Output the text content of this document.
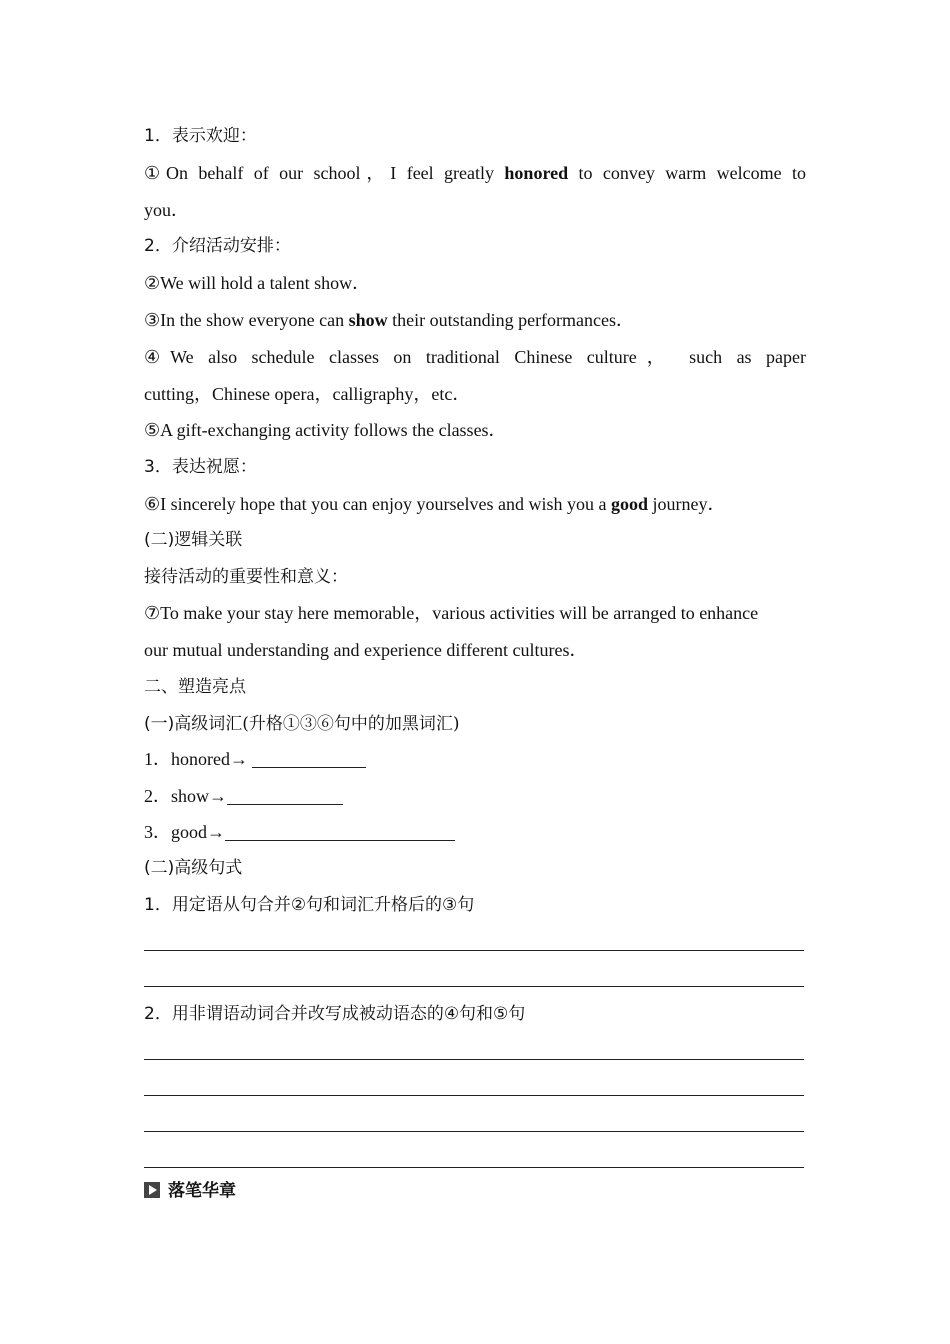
1．表示欢迎：
①On behalf of our school，I feel greatly honored to convey warm welcome to
you．
2．介绍活动安排：
②We will hold a talent show．
③In the show everyone can show their outstanding performances．
④We also schedule classes on traditional Chinese culture， such as paper
cutting，Chinese opera，calligraphy，etc．
⑤A gift-exchanging activity follows the classes．
3．表达祝愿：
⑥I sincerely hope that you can enjoy yourselves and wish you a good journey．
(二)逻辑关联
接待活动的重要性和意义：
⑦To make your stay here memorable，various activities will be arranged to enhance
our mutual understanding and experience different cultures．
二、塑造亮点
(一)高级词汇(升格①③⑥句中的加黑词汇)
1．honored→
2．show→
3．good→
(二)高级句式
1．用定语从句合并②句和词汇升格后的③句
2．用非谓语动词合并改写成被动语态的④句和⑤句
落笔华章
